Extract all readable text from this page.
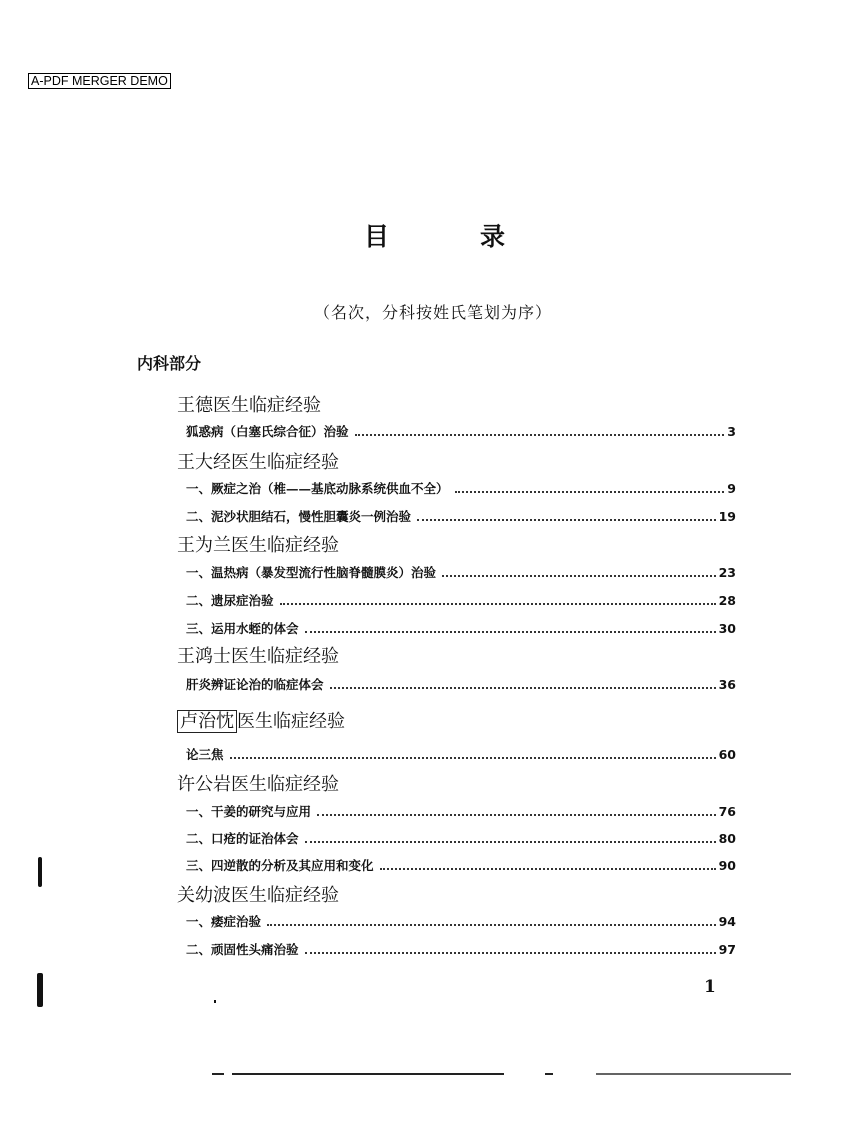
A-PDF MERGER DEMO
目	录
（名次，分科按姓氏笔划为序）
内科部分
王德医生临症经验
狐惑病（白塞氏综合征）治验	3
王大经医生临症经验
一、厥症之治（椎——基底动脉系统供血不全）	9
二、泥沙状胆结石，慢性胆囊炎一例治验	19
王为兰医生临症经验
一、温热病（暴发型流行性脑脊髓膜炎）治验	23
二、遗尿症治验	28
三、运用水蛭的体会	30
王鸿士医生临症经验
肝炎辨证论治的临症体会	36
卢治忱 医生临症经验
论三焦	60
许公岩医生临症经验
一、干姜的研究与应用	76
二、口疮的证治体会	80
三、四逆散的分析及其应用和变化	90
关幼波医生临症经验
一、痿症治验	94
二、顽固性头痛治验	97
1
